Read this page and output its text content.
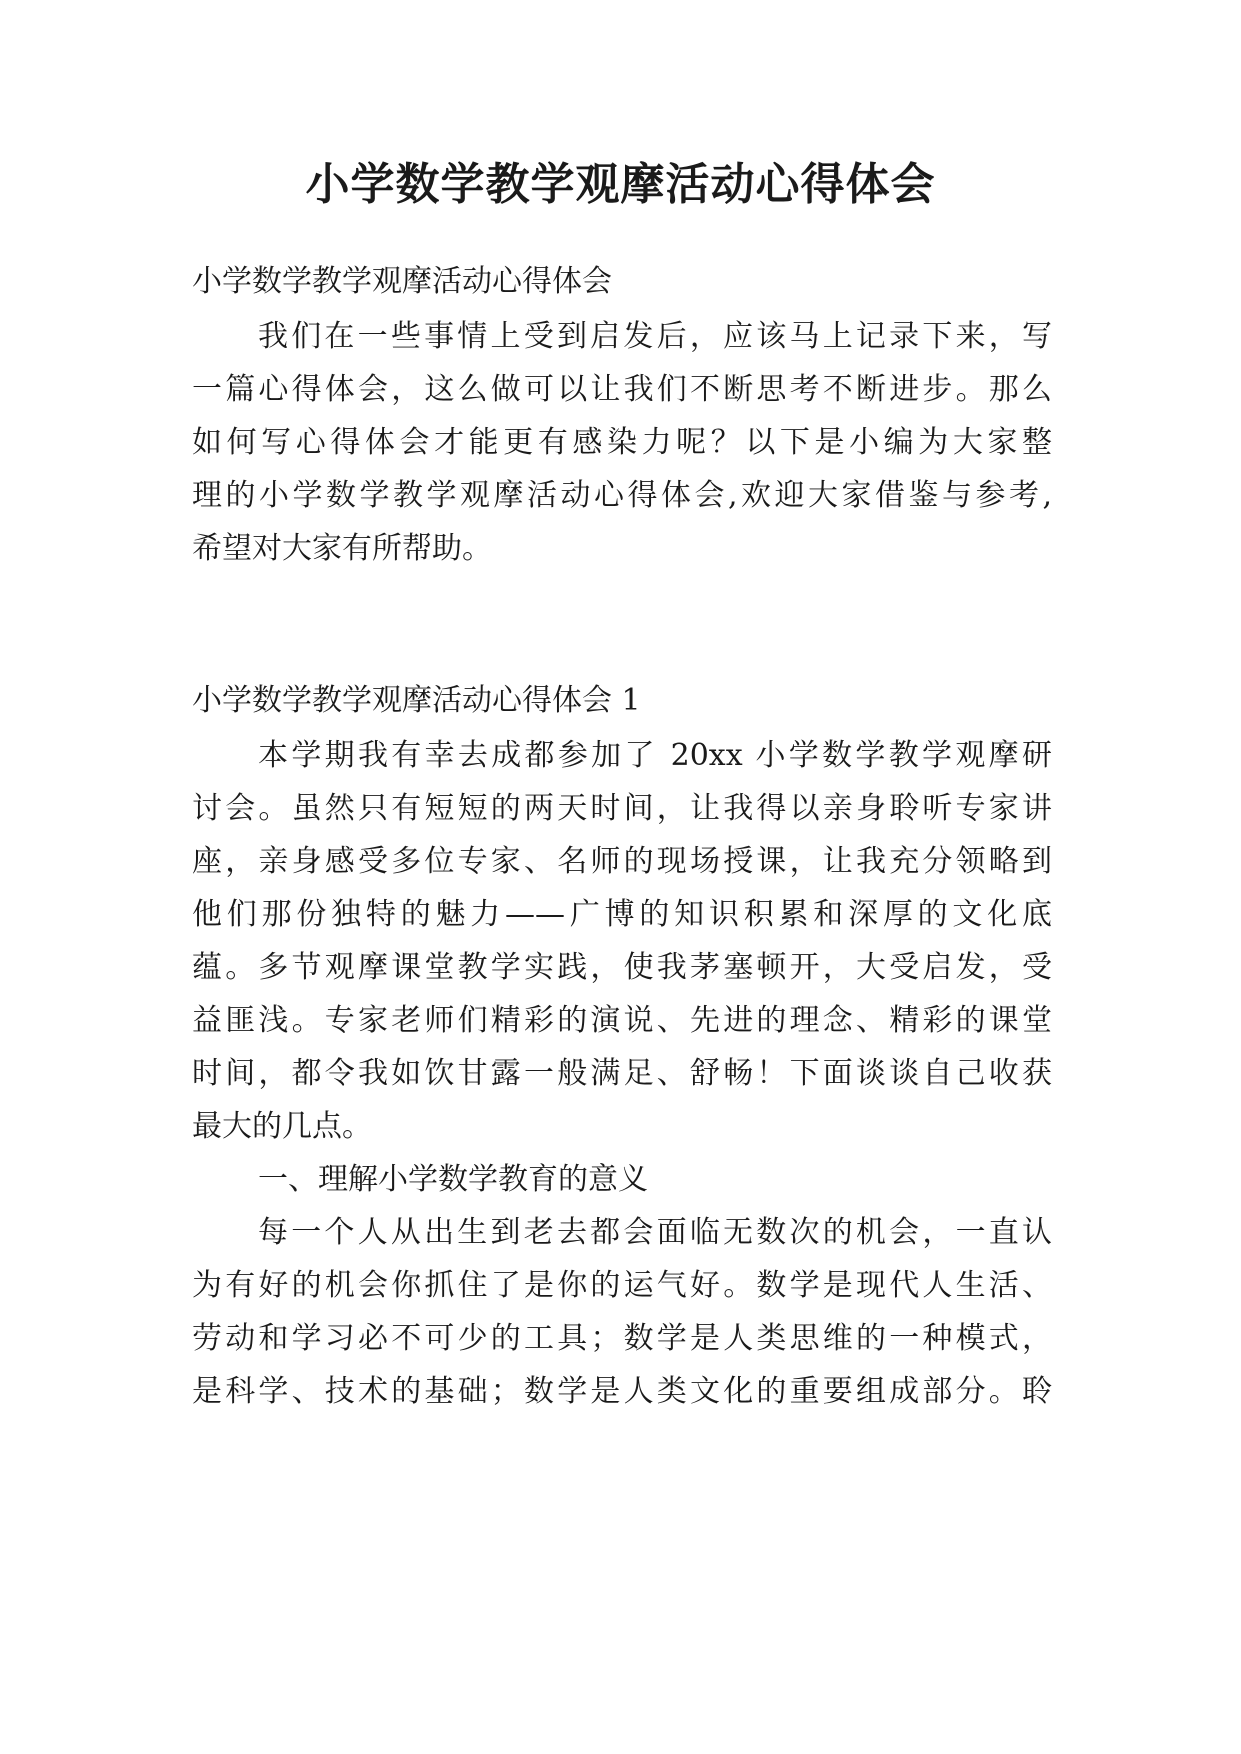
小学数学教学观摩活动心得体会
小学数学教学观摩活动心得体会
我们在一些事情上受到启发后，应该马上记录下来，写
一篇心得体会，这么做可以让我们不断思考不断进步。那么
如何写心得体会才能更有感染力呢？以下是小编为大家整
理的小学数学教学观摩活动心得体会,欢迎大家借鉴与参考,
希望对大家有所帮助。
小学数学教学观摩活动心得体会 1
本学期我有幸去成都参加了 20xx 小学数学教学观摩研
讨会。虽然只有短短的两天时间，让我得以亲身聆听专家讲
座，亲身感受多位专家、名师的现场授课，让我充分领略到
他们那份独特的魅力——广博的知识积累和深厚的文化底
蕴。多节观摩课堂教学实践，使我茅塞顿开，大受启发，受
益匪浅。专家老师们精彩的演说、先进的理念、精彩的课堂
时间，都令我如饮甘露一般满足、舒畅！下面谈谈自己收获
最大的几点。
一、理解小学数学教育的意义
每一个人从出生到老去都会面临无数次的机会，一直认
为有好的机会你抓住了是你的运气好。数学是现代人生活、
劳动和学习必不可少的工具；数学是人类思维的一种模式，
是科学、技术的基础；数学是人类文化的重要组成部分。聆
